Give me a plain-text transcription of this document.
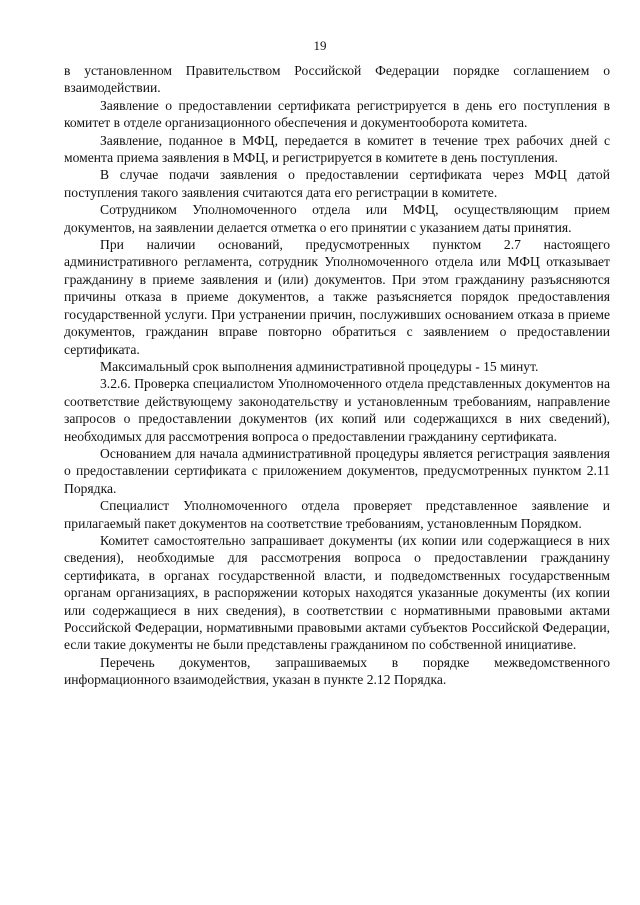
19

в установленном Правительством Российской Федерации порядке соглашением о взаимодействии.

Заявление о предоставлении сертификата регистрируется в день его поступления в комитет в отделе организационного обеспечения и документооборота комитета.

Заявление, поданное в МФЦ, передается в комитет в течение трех рабочих дней с момента приема заявления в МФЦ, и регистрируется в комитете в день поступления.

В случае подачи заявления о предоставлении сертификата через МФЦ датой поступления такого заявления считаются дата его регистрации в комитете.

Сотрудником Уполномоченного отдела или МФЦ, осуществляющим прием документов, на заявлении делается отметка о его принятии с указанием даты принятия.

При наличии оснований, предусмотренных пунктом 2.7 настоящего административного регламента, сотрудник Уполномоченного отдела или МФЦ отказывает гражданину в приеме заявления и (или) документов. При этом гражданину разъясняются причины отказа в приеме документов, а также разъясняется порядок предоставления государственной услуги. При устранении причин, послуживших основанием отказа в приеме документов, гражданин вправе повторно обратиться с заявлением о предоставлении сертификата.

Максимальный срок выполнения административной процедуры - 15 минут.

3.2.6. Проверка специалистом Уполномоченного отдела представленных документов на соответствие действующему законодательству и установленным требованиям, направление запросов о предоставлении документов (их копий или содержащихся в них сведений), необходимых для рассмотрения вопроса о предоставлении гражданину сертификата.

Основанием для начала административной процедуры является регистрация заявления о предоставлении сертификата с приложением документов, предусмотренных пунктом 2.11 Порядка.

Специалист Уполномоченного отдела проверяет представленное заявление и прилагаемый пакет документов на соответствие требованиям, установленным Порядком.

Комитет самостоятельно запрашивает документы (их копии или содержащиеся в них сведения), необходимые для рассмотрения вопроса о предоставлении гражданину сертификата, в органах государственной власти, и подведомственных государственным органам организациях, в распоряжении которых находятся указанные документы (их копии или содержащиеся в них сведения), в соответствии с нормативными правовыми актами Российской Федерации, нормативными правовыми актами субъектов Российской Федерации, если такие документы не были представлены гражданином по собственной инициативе.

Перечень документов, запрашиваемых в порядке межведомственного информационного взаимодействия, указан в пункте 2.12 Порядка.
